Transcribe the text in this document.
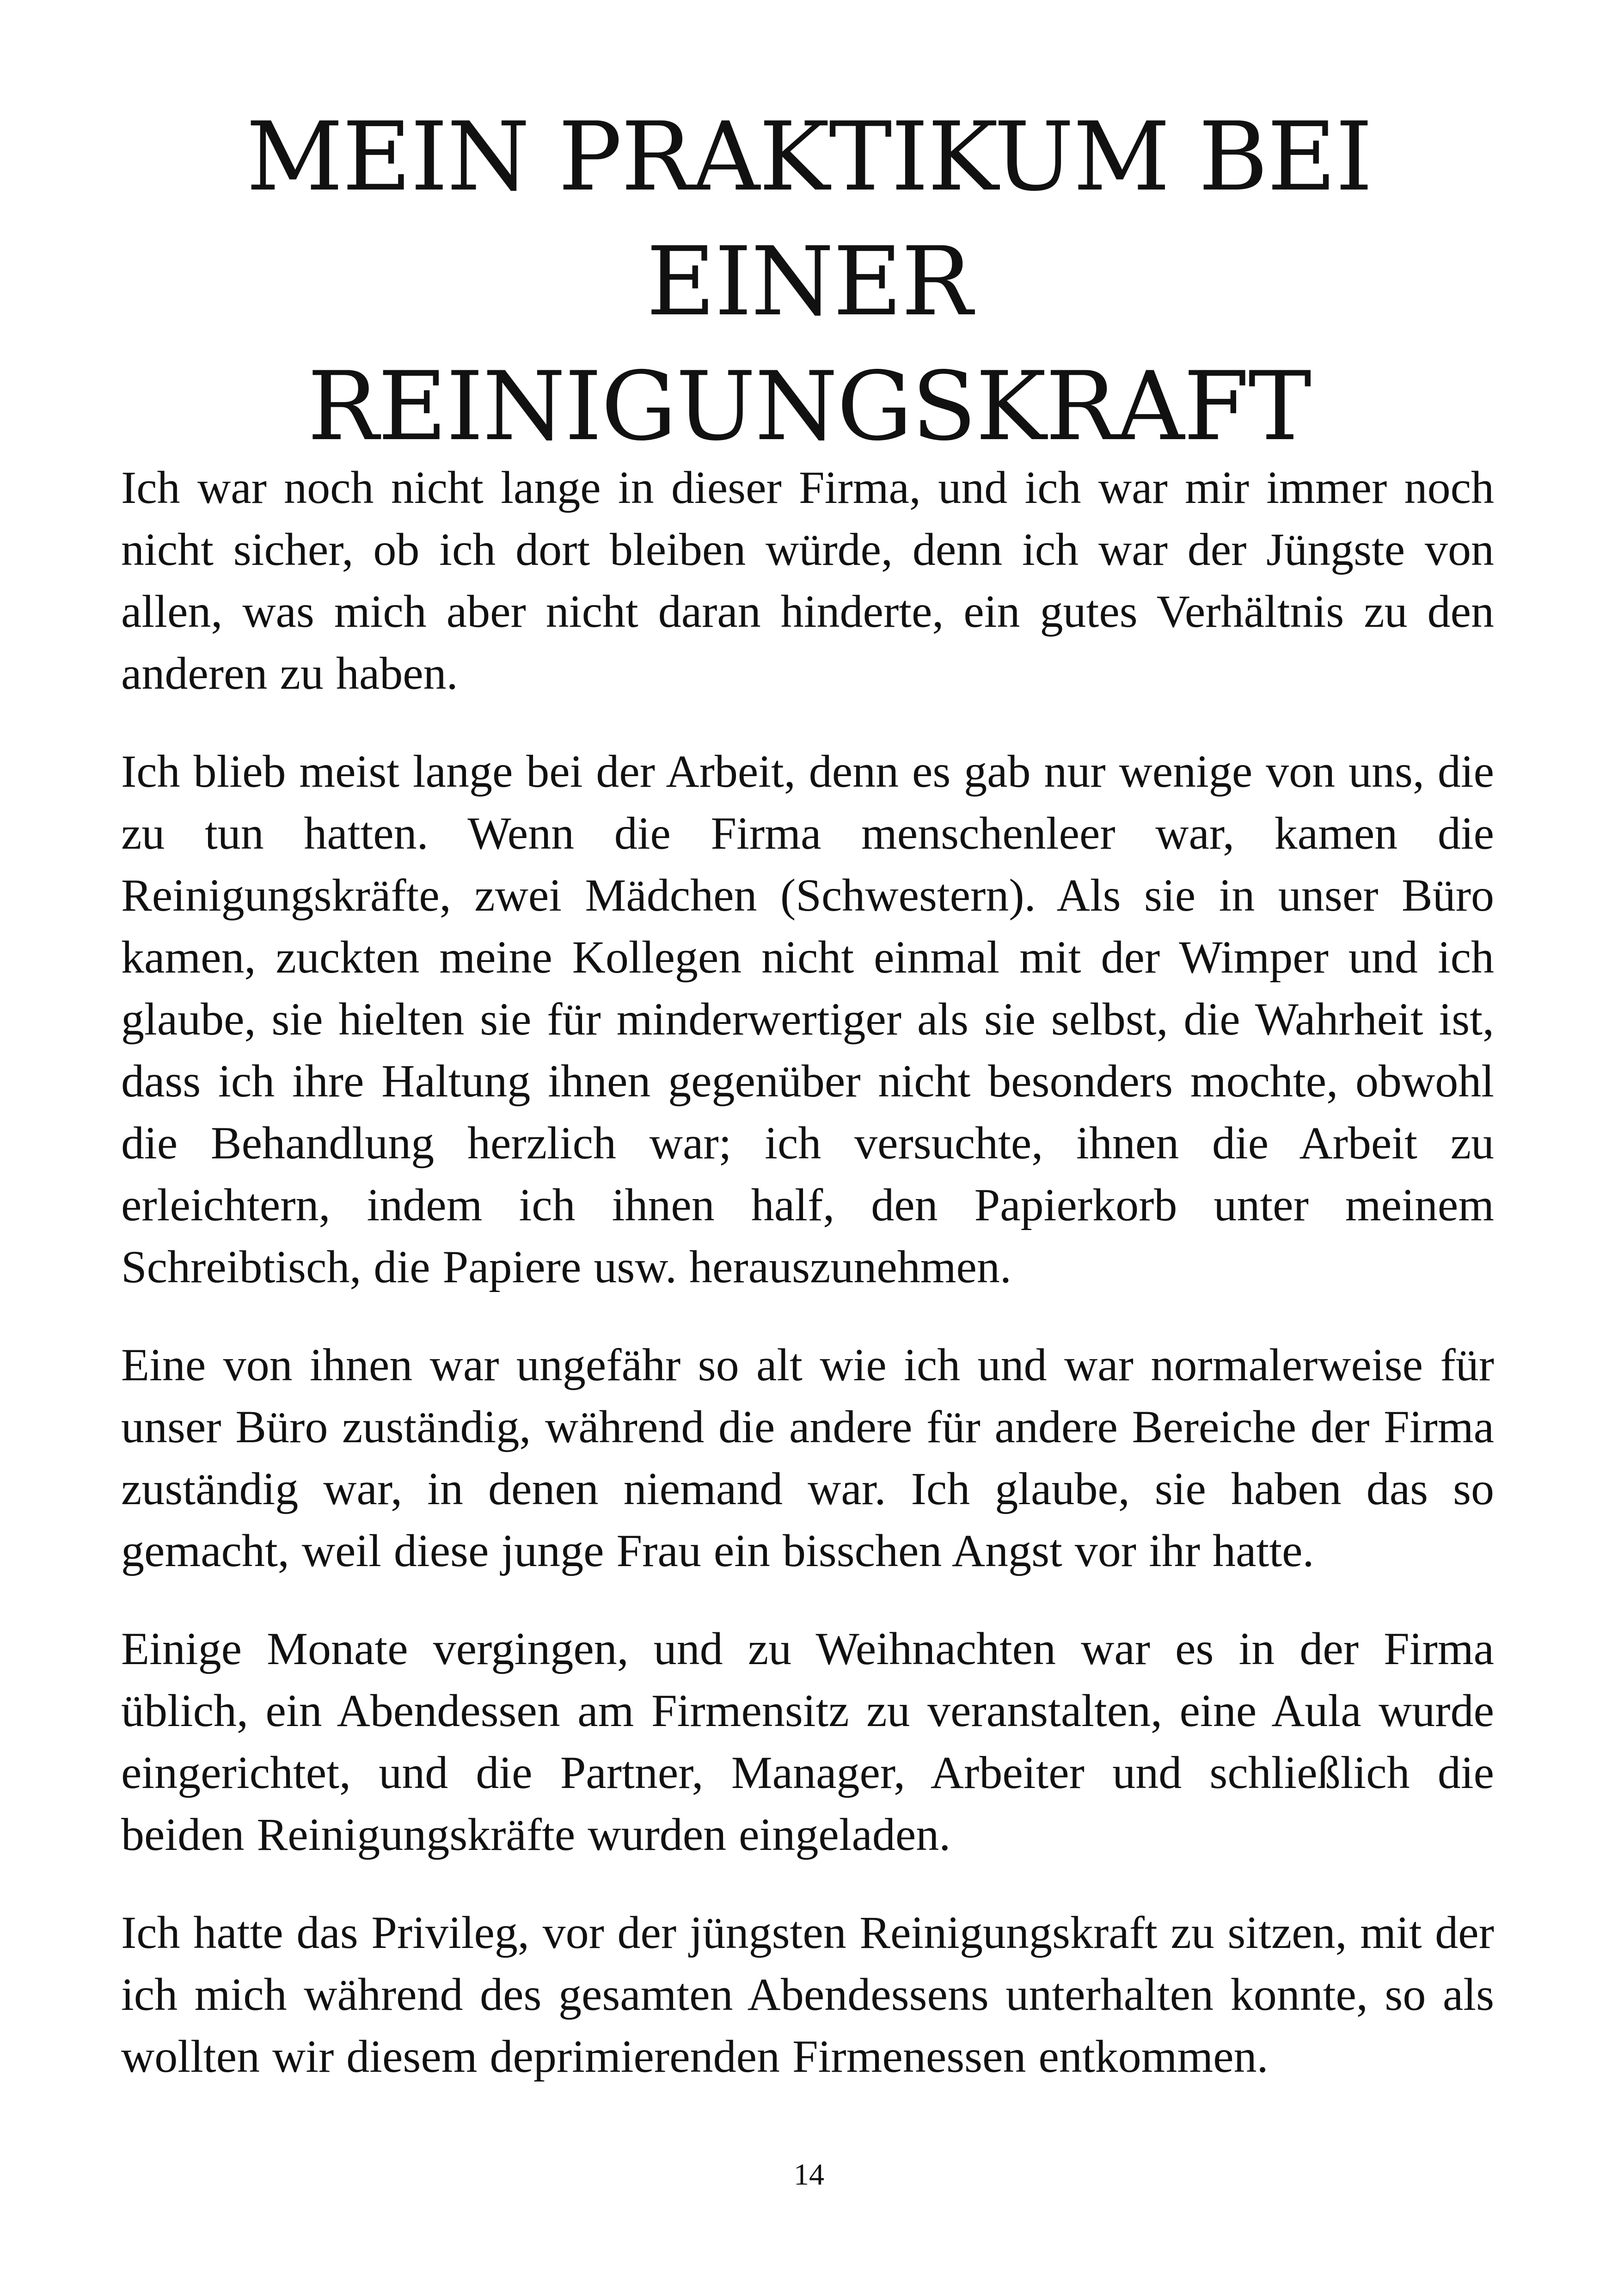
MEIN PRAKTIKUM BEI EINER
REINIGUNGSKRAFT

Ich war noch nicht lange in dieser Firma, und ich war mir immer noch nicht sicher, ob ich dort bleiben würde, denn ich war der Jüngste von allen, was mich aber nicht daran hinderte, ein gutes Verhältnis zu den anderen zu haben.

Ich blieb meist lange bei der Arbeit, denn es gab nur wenige von uns, die zu tun hatten. Wenn die Firma menschenleer war, kamen die Reinigungskräfte, zwei Mädchen (Schwestern). Als sie in unser Büro kamen, zuckten meine Kollegen nicht einmal mit der Wimper und ich glaube, sie hielten sie für minderwertiger als sie selbst, die Wahrheit ist, dass ich ihre Haltung ihnen gegenüber nicht besonders mochte, obwohl die Behandlung herzlich war; ich versuchte, ihnen die Arbeit zu erleichtern, indem ich ihnen half, den Papierkorb unter meinem Schreibtisch, die Papiere usw. herauszunehmen.

Eine von ihnen war ungefähr so alt wie ich und war normalerweise für unser Büro zuständig, während die andere für andere Bereiche der Firma zuständig war, in denen niemand war. Ich glaube, sie haben das so gemacht, weil diese junge Frau ein bisschen Angst vor ihr hatte.

Einige Monate vergingen, und zu Weihnachten war es in der Firma üblich, ein Abendessen am Firmensitz zu veranstalten, eine Aula wurde eingerichtet, und die Partner, Manager, Arbeiter und schließlich die beiden Reinigungskräfte wurden eingeladen.

Ich hatte das Privileg, vor der jüngsten Reinigungskraft zu sitzen, mit der ich mich während des gesamten Abendessens unterhalten konnte, so als wollten wir diesem deprimierenden Firmenessen entkommen.

14
